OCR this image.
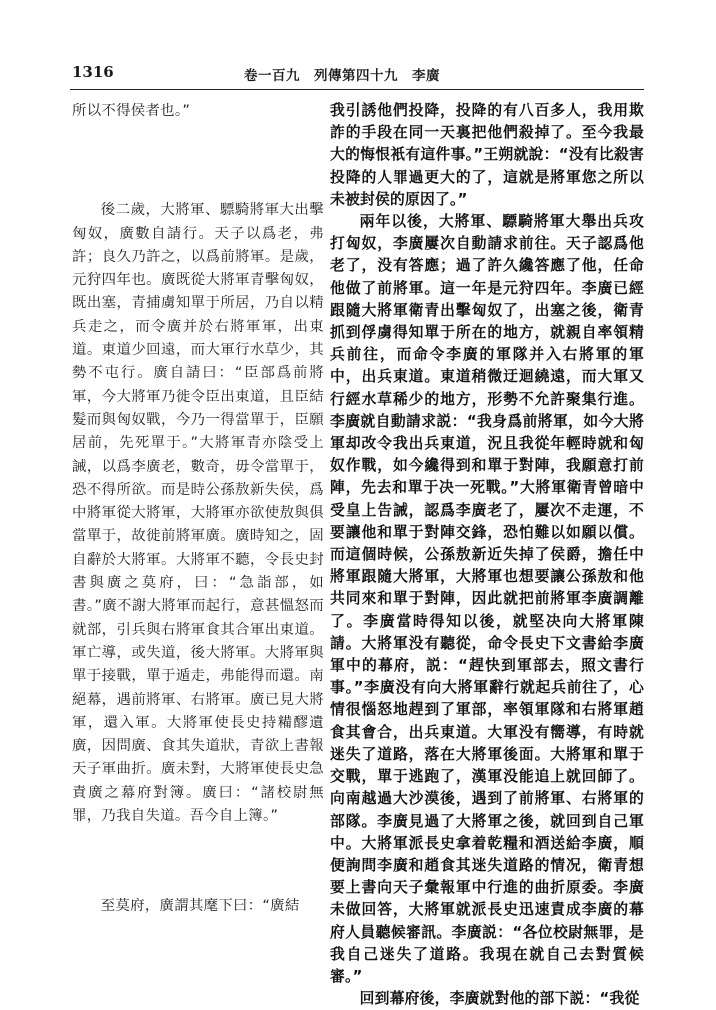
1316	卷一百九　列傳第四十九　李廣

所以不得侯者也。”

後二歲，大將軍、驃騎將軍大出擊匈奴，廣數自請行。天子以爲老，弗許；良久乃許之，以爲前將軍。是歲，元狩四年也。廣既從大將軍青擊匈奴，既出塞，青捕虜知單于所居，乃自以精兵走之，而令廣并於右將軍軍，出東道。東道少回遠，而大軍行水草少，其勢不屯行。廣自請曰：“臣部爲前將軍，今大將軍乃徙令臣出東道，且臣結髮而與匈奴戰，今乃一得當單于，臣願居前，先死單于。”大將軍青亦陰受上誡，以爲李廣老，數奇，毋令當單于，恐不得所欲。而是時公孫敖新失侯，爲中將軍從大將軍，大將軍亦欲使敖與俱當單于，故徙前將軍廣。廣時知之，固自辭於大將軍。大將軍不聽，令長史封書與廣之莫府，曰：“急詣部，如書。”廣不謝大將軍而起行，意甚慍怒而就部，引兵與右將軍食其合軍出東道。軍亡導，或失道，後大將軍。大將軍與單于接戰，單于遁走，弗能得而還。南絕幕，遇前將軍、右將軍。廣已見大將軍，還入軍。大將軍使長史持糒醪遺廣，因問廣、食其失道狀，青欲上書報天子軍曲折。廣未對，大將軍使長史急責廣之幕府對簿。廣曰：“諸校尉無罪，乃我自失道。吾今自上簿。”

至莫府，廣謂其麾下曰：“廣結

我引誘他們投降，投降的有八百多人，我用欺詐的手段在同一天裏把他們殺掉了。至今我最大的悔恨衹有這件事。”王朔就說：“没有比殺害投降的人罪過更大的了，這就是將軍您之所以未被封侯的原因了。”

兩年以後，大將軍、驃騎將軍大舉出兵攻打匈奴，李廣屢次自動請求前往。天子認爲他老了，没有答應；過了許久纔答應了他，任命他做了前將軍。這一年是元狩四年。李廣已經跟隨大將軍衛青出擊匈奴了，出塞之後，衛青抓到俘虜得知單于所在的地方，就親自率領精兵前往，而命令李廣的軍隊并入右將軍的軍中，出兵東道。東道稍微迂迴繞遠，而大軍又行經水草稀少的地方，形勢不允許聚集行進。李廣就自動請求説：“我身爲前將軍，如今大將軍却改令我出兵東道，況且我從年輕時就和匈奴作戰，如今纔得到和單于對陣，我願意打前陣，先去和單于决一死戰。”大將軍衛青曾暗中受皇上告誡，認爲李廣老了，屢次不走運，不要讓他和單于對陣交鋒，恐怕難以如願以償。而這個時候，公孫敖新近失掉了侯爵，擔任中將軍跟隨大將軍，大將軍也想要讓公孫敖和他共同來和單于對陣，因此就把前將軍李廣調離了。李廣當時得知以後，就堅决向大將軍陳請。大將軍没有聽從，命令長史下文書給李廣軍中的幕府，説：“趕快到軍部去，照文書行事。”李廣没有向大將軍辭行就起兵前往了，心情很惱怒地趕到了軍部，率領軍隊和右將軍趙食其會合，出兵東道。大軍没有嚮導，有時就迷失了道路，落在大將軍後面。大將軍和單于交戰，單于逃跑了，漢軍没能追上就回師了。向南越過大沙漠後，遇到了前將軍、右將軍的部隊。李廣見過了大將軍之後，就回到自己軍中。大將軍派長史拿着乾糧和酒送給李廣，順便詢問李廣和趙食其迷失道路的情况，衛青想要上書向天子彙報軍中行進的曲折原委。李廣未做回答，大將軍就派長史迅速責成李廣的幕府人員聽候審訊。李廣説：“各位校尉無罪，是我自己迷失了道路。我現在就自己去對質候審。”

回到幕府後，李廣就對他的部下説：“我從
